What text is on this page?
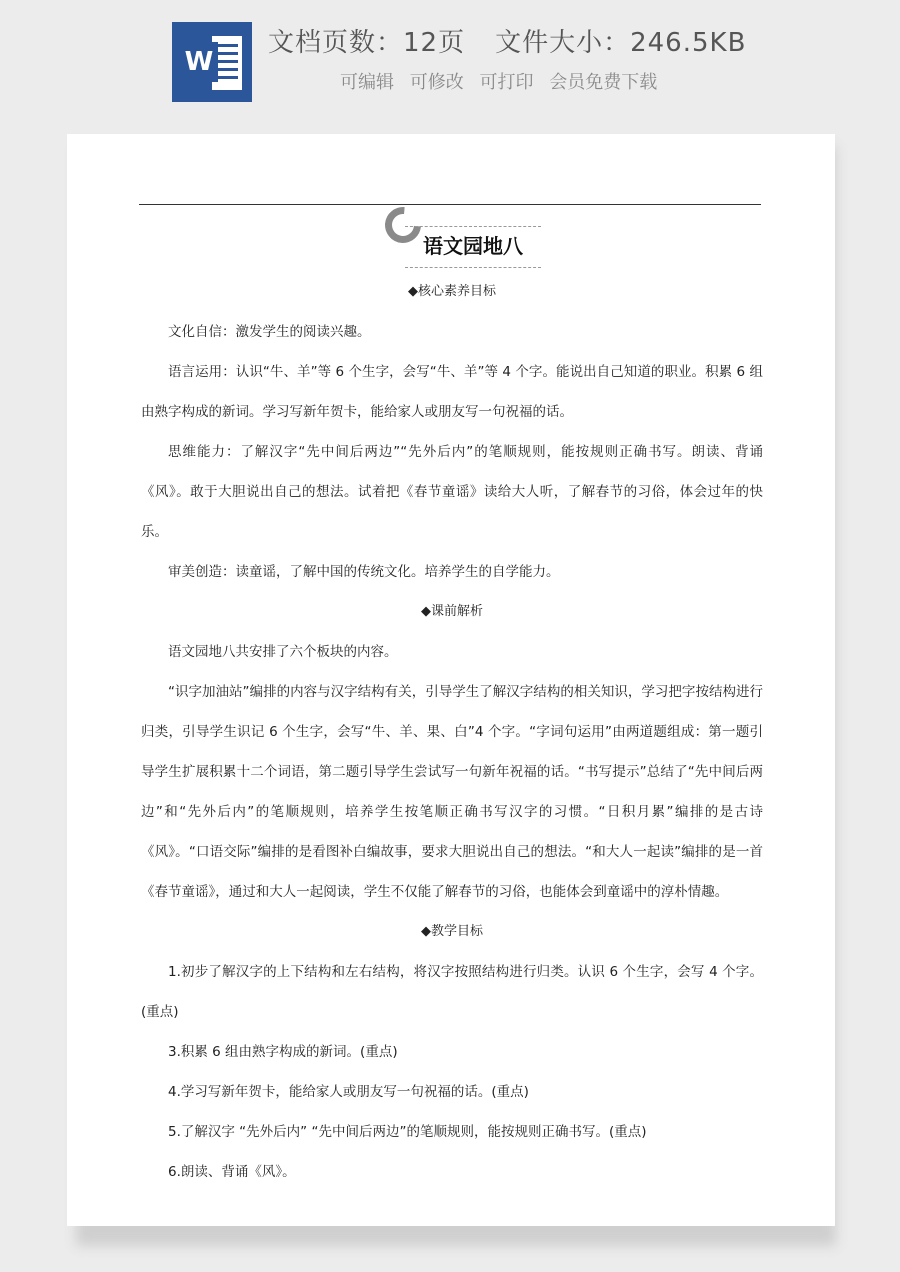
W
文档页数：12页 文件大小：246.5KB
可编辑 可修改 可打印 会员免费下载
语文园地八

◆核心素养目标

文化自信：激发学生的阅读兴趣。

语言运用：认识“牛、羊”等 6 个生字，会写“牛、羊”等 4 个字。能说出自己知道的职业。积累 6 组由熟字构成的新词。学习写新年贺卡，能给家人或朋友写一句祝福的话。

思维能力：了解汉字“先中间后两边”“先外后内”的笔顺规则，能按规则正确书写。朗读、背诵《风》。敢于大胆说出自己的想法。试着把《春节童谣》读给大人听，了解春节的习俗，体会过年的快乐。

审美创造：读童谣，了解中国的传统文化。培养学生的自学能力。

◆课前解析

语文园地八共安排了六个板块的内容。

“识字加油站”编排的内容与汉字结构有关，引导学生了解汉字结构的相关知识，学习把字按结构进行归类，引导学生识记 6 个生字，会写“牛、羊、果、白”4 个字。“字词句运用”由两道题组成：第一题引导学生扩展积累十二个词语，第二题引导学生尝试写一句新年祝福的话。“书写提示”总结了“先中间后两边”和“先外后内”的笔顺规则，培养学生按笔顺正确书写汉字的习惯。“日积月累”编排的是古诗《风》。“口语交际”编排的是看图补白编故事，要求大胆说出自己的想法。“和大人一起读”编排的是一首《春节童谣》，通过和大人一起阅读，学生不仅能了解春节的习俗，也能体会到童谣中的淳朴情趣。

◆教学目标

1.初步了解汉字的上下结构和左右结构，将汉字按照结构进行归类。认识 6 个生字，会写 4 个字。(重点)

3.积累 6 组由熟字构成的新词。(重点)

4.学习写新年贺卡，能给家人或朋友写一句祝福的话。(重点)

5.了解汉字 “先外后内” “先中间后两边”的笔顺规则，能按规则正确书写。(重点)

6.朗读、背诵《风》。
